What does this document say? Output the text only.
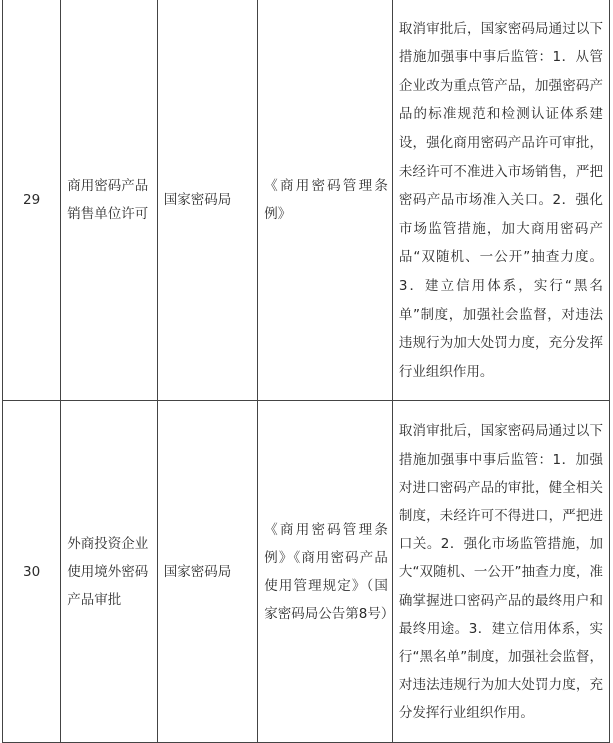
29	商用密码产品销售单位许可	国家密码局	《商用密码管理条例》	取消审批后，国家密码局通过以下措施加强事中事后监管：1．从管企业改为重点管产品，加强密码产品的标准规范和检测认证体系建设，强化商用密码产品许可审批，未经许可不准进入市场销售，严把密码产品市场准入关口。2．强化市场监管措施，加大商用密码产品“双随机、一公开”抽查力度。3．建立信用体系，实行“黑名单”制度，加强社会监督，对违法违规行为加大处罚力度，充分发挥行业组织作用。

30	外商投资企业使用境外密码产品审批	国家密码局	《商用密码管理条例》《商用密码产品使用管理规定》（国家密码局公告第8号）	取消审批后，国家密码局通过以下措施加强事中事后监管：1．加强对进口密码产品的审批，健全相关制度，未经许可不得进口，严把进口关。2．强化市场监管措施，加大“双随机、一公开”抽查力度，准确掌握进口密码产品的最终用户和最终用途。3．建立信用体系，实行“黑名单”制度，加强社会监督，对违法违规行为加大处罚力度，充分发挥行业组织作用。
